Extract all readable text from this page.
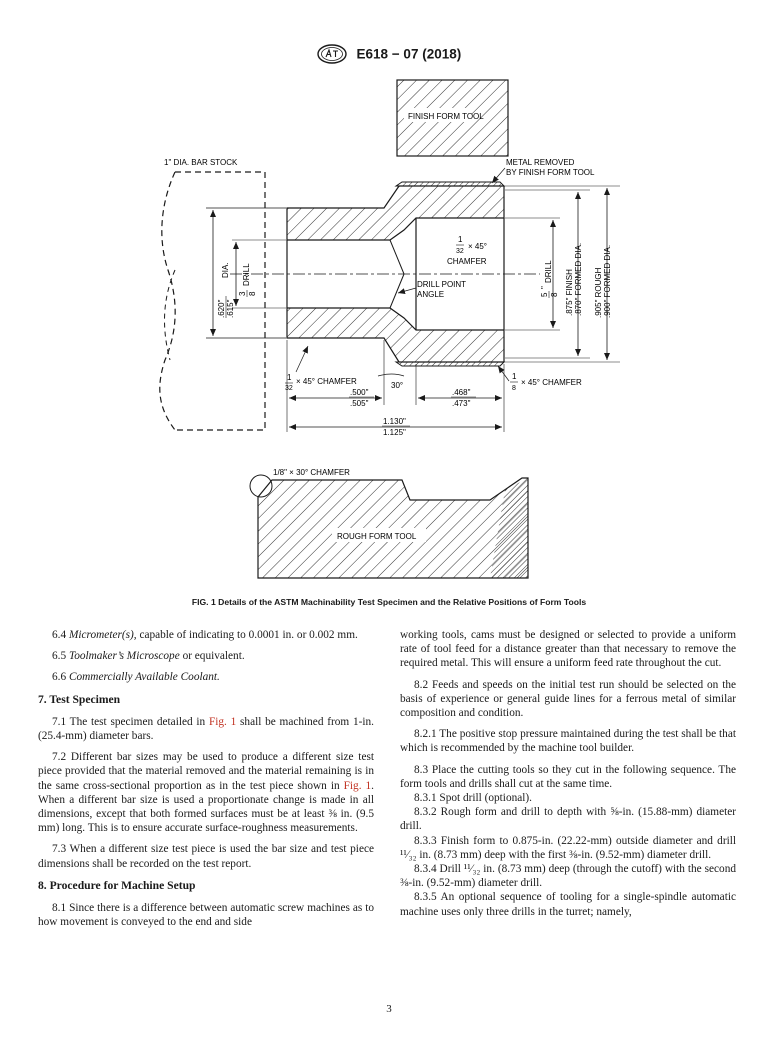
E618 − 07 (2018)
FINISH FORM TOOL
1" DIA. BAR STOCK
.620" .615"
DIA.
3 8
DRILL
1
32
× 45°
CHAMFER
DRILL POINT
ANGLE	5 8
"
DRILL .875" FINISH .870" FORMED DIA. .905" ROUGH .900" FORMED DIA.
METAL REMOVED
BY FINISH FORM TOOL
.500"
.505"
.468"
.473"
1.130"
1.125"
30°
1
32
× 45° CHAMFER
1
8
× 45° CHAMFER
ROUGH FORM TOOL
1/8" × 30° CHAMFER
FIG. 1 Details of the ASTM Machinability Test Specimen and the Relative Positions of Form Tools

6.4 Micrometer(s), capable of indicating to 0.0001 in. or 0.002 mm.

6.5 Toolmaker’s Microscope or equivalent.

6.6 Commercially Available Coolant.

7. Test Specimen

7.1 The test specimen detailed in Fig. 1 shall be machined from 1-in. (25.4-mm) diameter bars.

7.2 Different bar sizes may be used to produce a different size test piece provided that the material removed and the material remaining is in the same cross-sectional proportion as in the test piece shown in Fig. 1. When a different bar size is used a proportionate change is made in all dimensions, except that both formed surfaces must be at least ⅜ in. (9.5 mm) long. This is to ensure accurate surface-roughness measurements.

7.3 When a different size test piece is used the bar size and test piece dimensions shall be recorded on the test report.

8. Procedure for Machine Setup

8.1 Since there is a difference between automatic screw machines as to how movement is conveyed to the end and side

working tools, cams must be designed or selected to provide a uniform rate of tool feed for a distance greater than that necessary to remove the required metal. This will ensure a uniform feed rate throughout the cut.

8.2 Feeds and speeds on the initial test run should be selected on the basis of experience or general guide lines for a ferrous metal of similar composition and condition.

8.2.1 The positive stop pressure maintained during the test shall be that which is recommended by the machine tool builder.

8.3 Place the cutting tools so they cut in the following sequence. The form tools and drills shall cut at the same time.

8.3.1 Spot drill (optional).

8.3.2 Rough form and drill to depth with ⅝-in. (15.88-mm) diameter drill.

8.3.3 Finish form to 0.875-in. (22.22-mm) outside diameter and drill ¹¹⁄₃₂ in. (8.73 mm) deep with the first ⅜-in. (9.52-mm) diameter drill.

8.3.4 Drill ¹¹⁄₃₂ in. (8.73 mm) deep (through the cutoff) with the second ⅜-in. (9.52-mm) diameter drill.

8.3.5 An optional sequence of tooling for a single-spindle automatic machine uses only three drills in the turret; namely,

3
